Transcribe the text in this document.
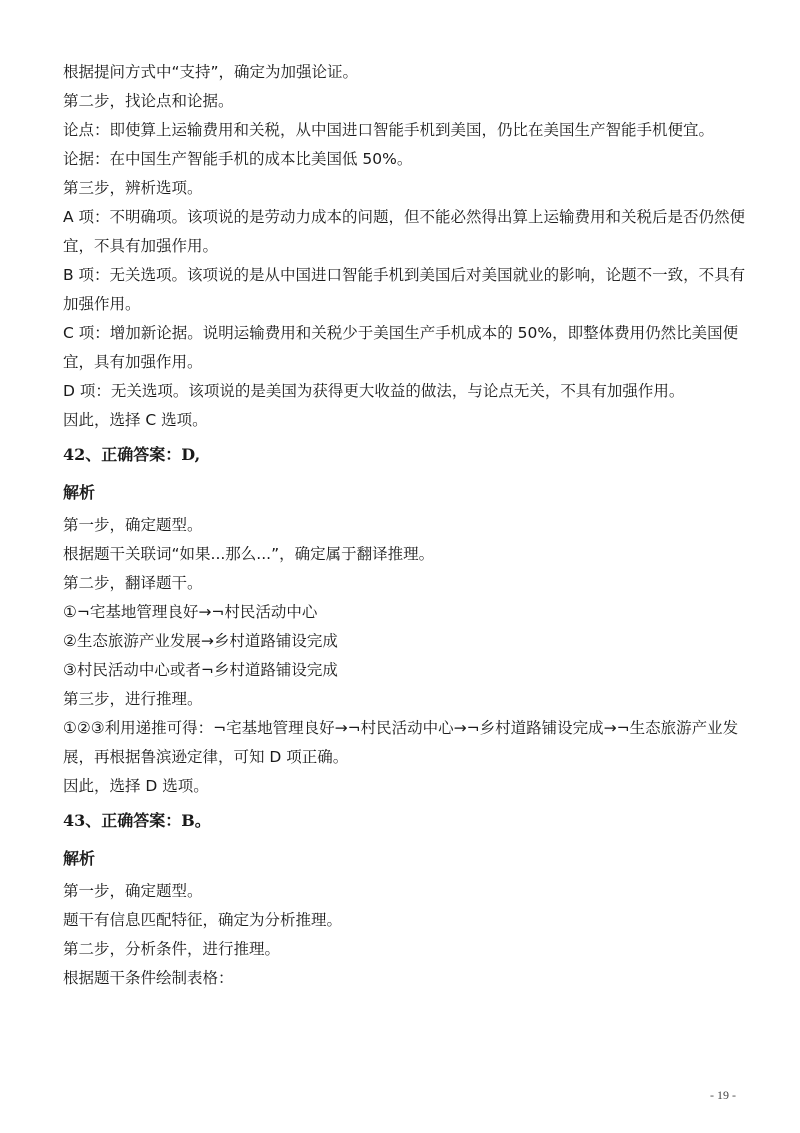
根据提问方式中“支持”，确定为加强论证。

第二步，找论点和论据。

论点：即使算上运输费用和关税，从中国进口智能手机到美国，仍比在美国生产智能手机便宜。

论据：在中国生产智能手机的成本比美国低 50%。

第三步，辨析选项。

A 项：不明确项。该项说的是劳动力成本的问题，但不能必然得出算上运输费用和关税后是否仍然便宜，不具有加强作用。

B 项：无关选项。该项说的是从中国进口智能手机到美国后对美国就业的影响，论题不一致，不具有加强作用。

C 项：增加新论据。说明运输费用和关税少于美国生产手机成本的 50%，即整体费用仍然比美国便宜，具有加强作用。

D 项：无关选项。该项说的是美国为获得更大收益的做法，与论点无关，不具有加强作用。

因此，选择 C 选项。

42、正确答案：D,

解析

第一步，确定题型。

根据题干关联词“如果...那么...”，确定属于翻译推理。

第二步，翻译题干。

①¬宅基地管理良好→¬村民活动中心

②生态旅游产业发展→乡村道路铺设完成

③村民活动中心或者¬乡村道路铺设完成

第三步，进行推理。

①②③利用递推可得：¬宅基地管理良好→¬村民活动中心→¬乡村道路铺设完成→¬生态旅游产业发展，再根据鲁滨逊定律，可知 D 项正确。

因此，选择 D 选项。

43、正确答案：B。

解析

第一步，确定题型。

题干有信息匹配特征，确定为分析推理。

第二步，分析条件，进行推理。

根据题干条件绘制表格：

- 19 -
